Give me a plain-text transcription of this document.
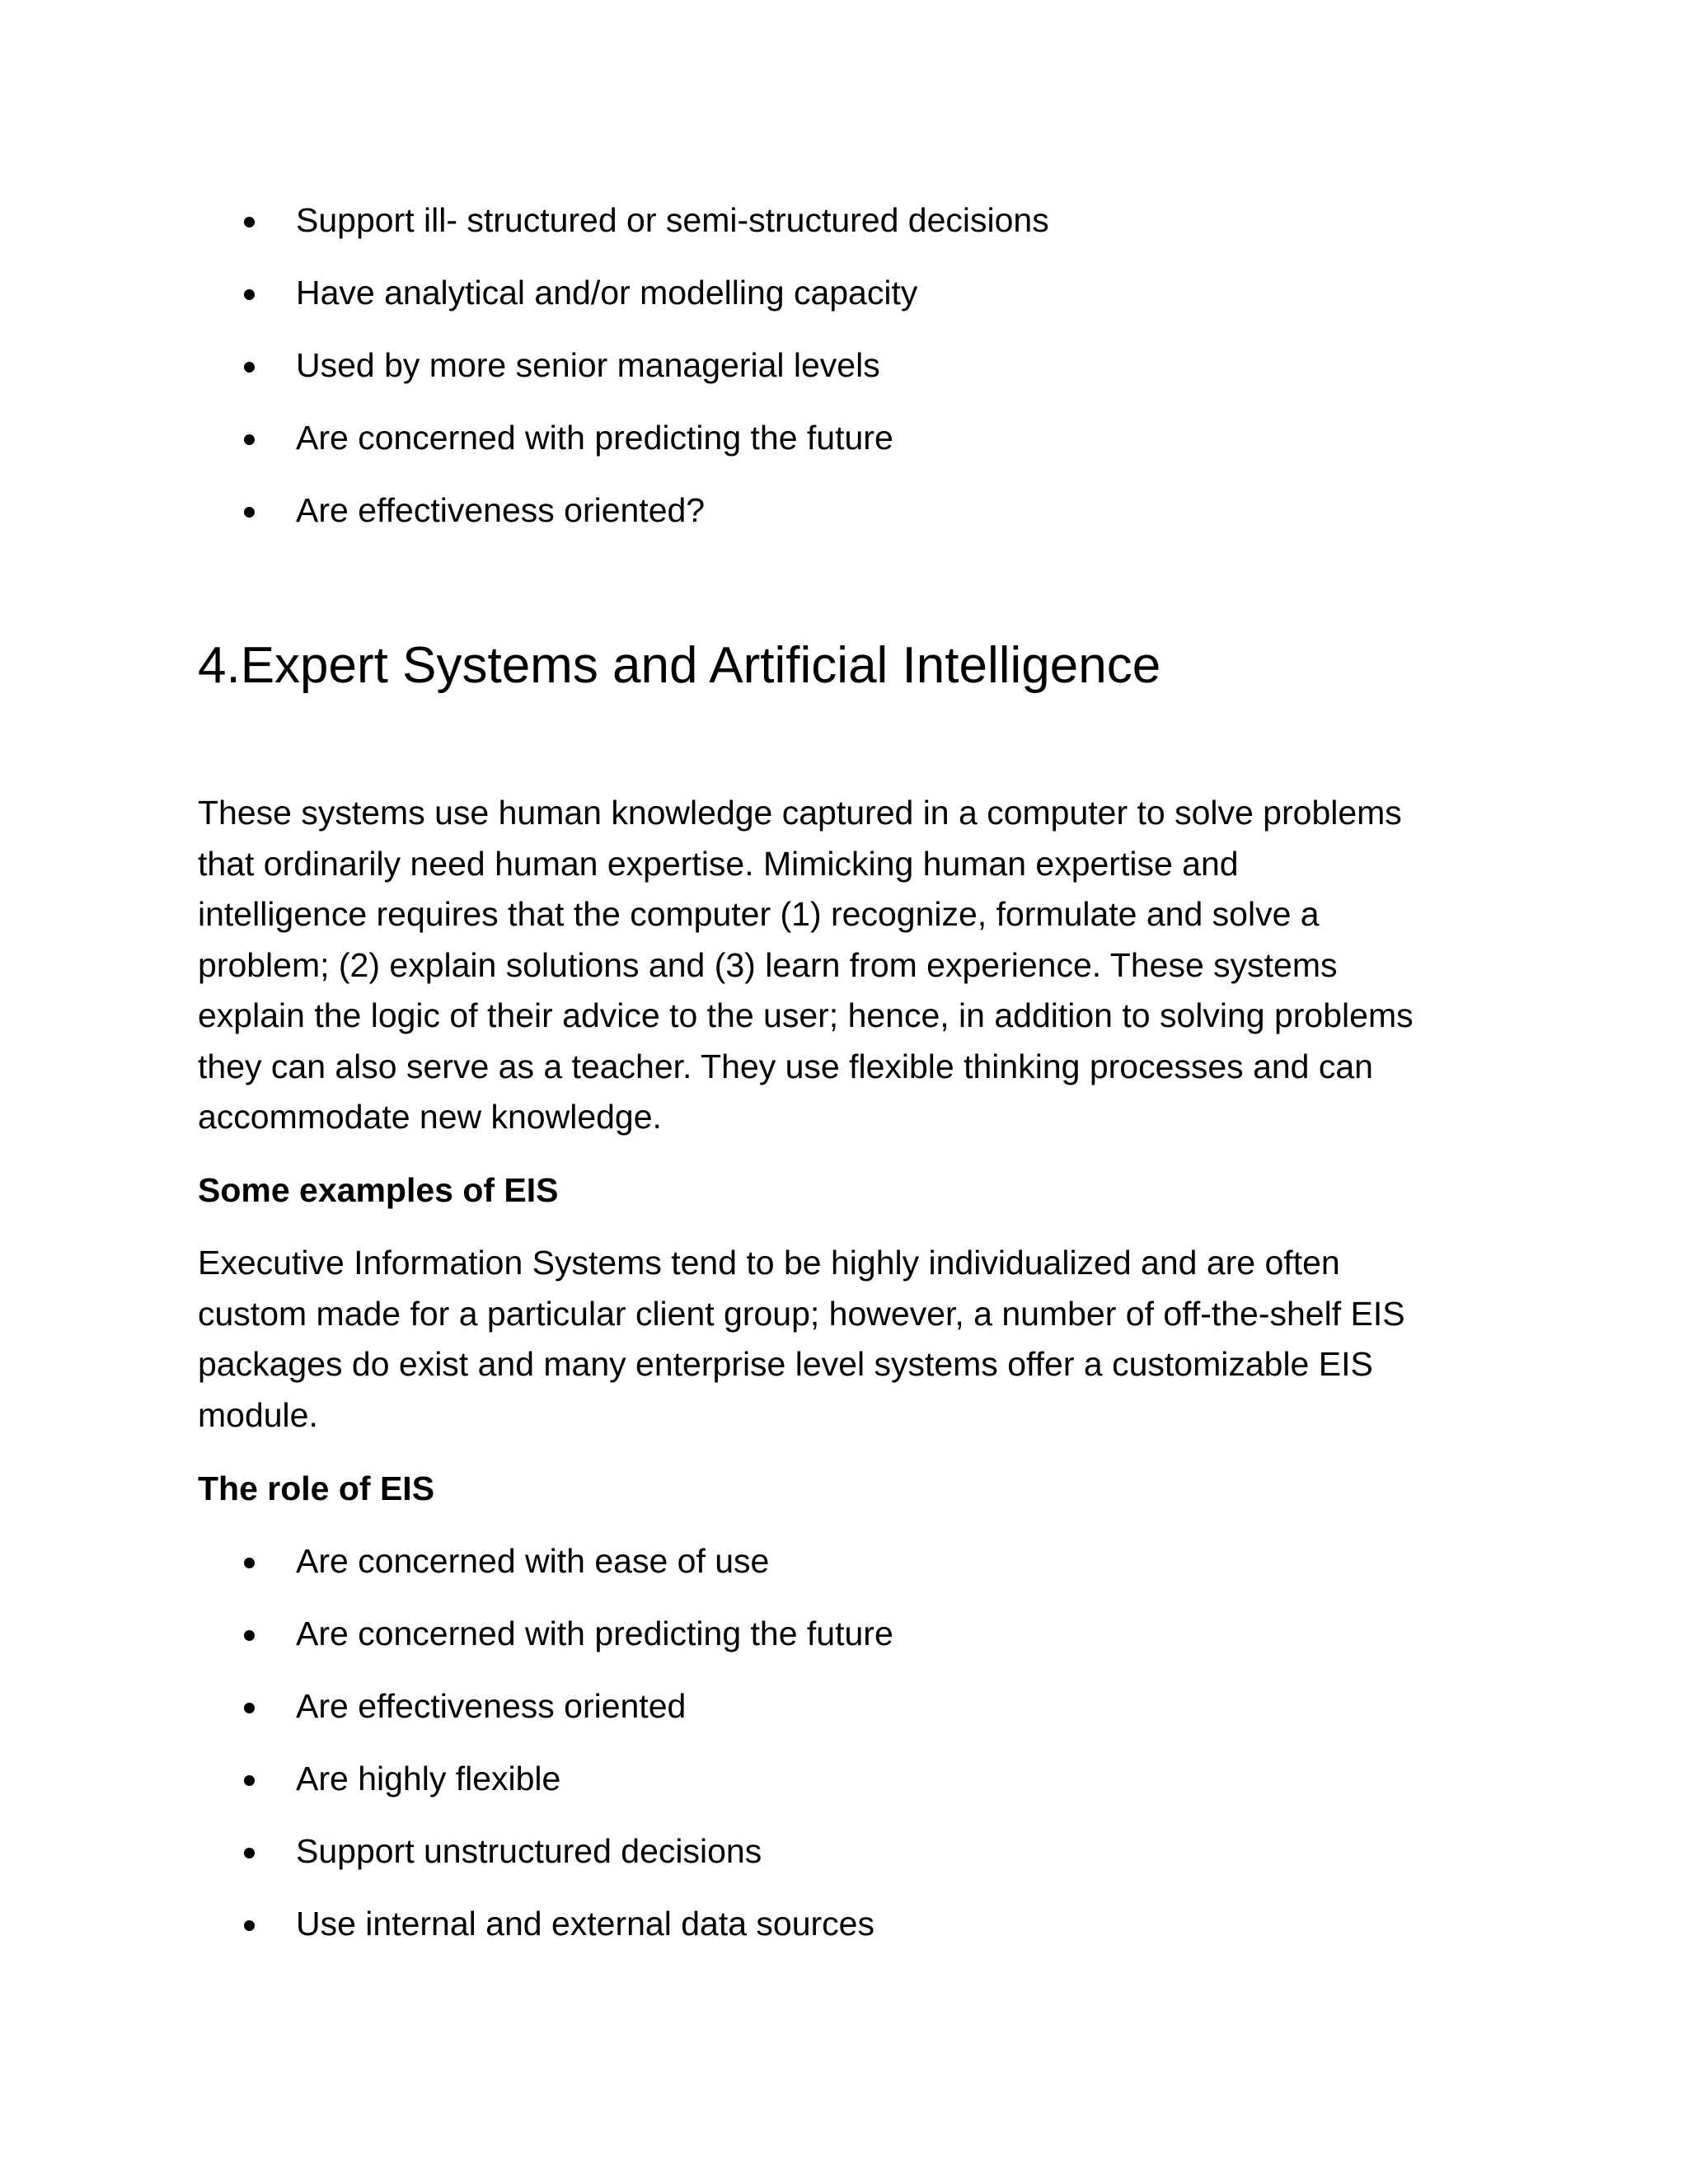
Support ill- structured or semi-structured decisions
Have analytical and/or modelling capacity
Used by more senior managerial levels
Are concerned with predicting the future
Are effectiveness oriented?
4.Expert Systems and Artificial Intelligence

These systems use human knowledge captured in a computer to solve problems
that ordinarily need human expertise. Mimicking human expertise and
intelligence requires that the computer (1) recognize, formulate and solve a
problem; (2) explain solutions and (3) learn from experience. These systems
explain the logic of their advice to the user; hence, in addition to solving problems
they can also serve as a teacher. They use flexible thinking processes and can
accommodate new knowledge.

Some examples of EIS

Executive Information Systems tend to be highly individualized and are often
custom made for a particular client group; however, a number of off-the-shelf EIS
packages do exist and many enterprise level systems offer a customizable EIS
module.

The role of EIS
Are concerned with ease of use
Are concerned with predicting the future
Are effectiveness oriented
Are highly flexible
Support unstructured decisions
Use internal and external data sources
